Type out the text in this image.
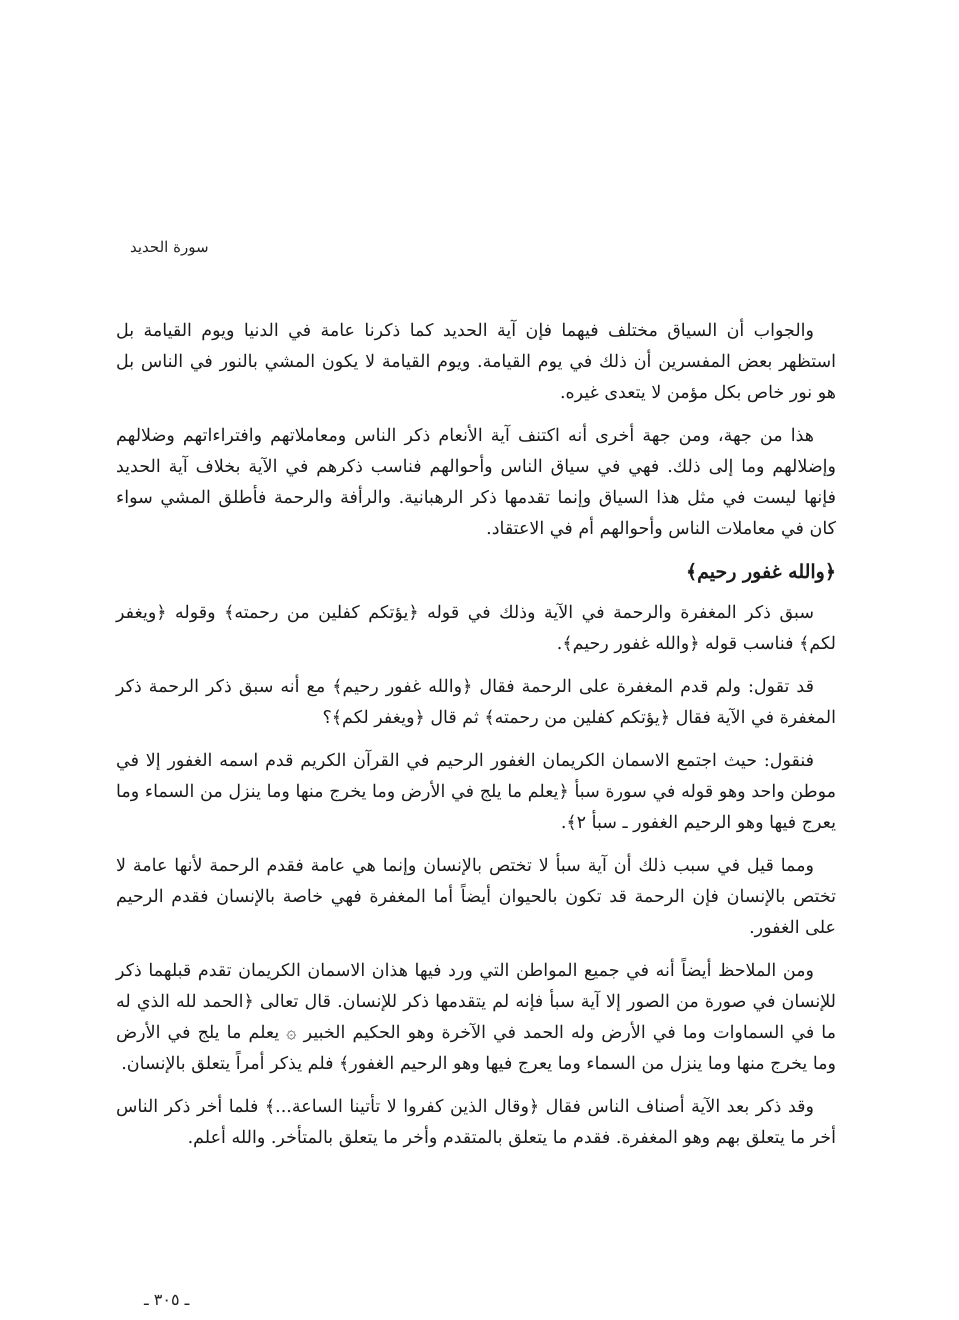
سورة الحديد

والجواب أن السياق مختلف فيهما فإن آية الحديد كما ذكرنا عامة في الدنيا ويوم القيامة بل استظهر بعض المفسرين أن ذلك في يوم القيامة. ويوم القيامة لا يكون المشي بالنور في الناس بل هو نور خاص بكل مؤمن لا يتعدى غيره.

هذا من جهة، ومن جهة أخرى أنه اكتنف آية الأنعام ذكر الناس ومعاملاتهم وافتراءاتهم وضلالهم وإضلالهم وما إلى ذلك. فهي في سياق الناس وأحوالهم فناسب ذكرهم في الآية بخلاف آية الحديد فإنها ليست في مثل هذا السياق وإنما تقدمها ذكر الرهبانية. والرأفة والرحمة فأطلق المشي سواء كان في معاملات الناس وأحوالهم أم في الاعتقاد.

﴿والله غفور رحيم﴾

سبق ذكر المغفرة والرحمة في الآية وذلك في قوله ﴿يؤتكم كفلين من رحمته﴾ وقوله ﴿ويغفر لكم﴾ فناسب قوله ﴿والله غفور رحيم﴾.

قد تقول: ولم قدم المغفرة على الرحمة فقال ﴿والله غفور رحيم﴾ مع أنه سبق ذكر الرحمة ذكر المغفرة في الآية فقال ﴿يؤتكم كفلين من رحمته﴾ ثم قال ﴿ويغفر لكم﴾؟

فنقول: حيث اجتمع الاسمان الكريمان الغفور الرحيم في القرآن الكريم قدم اسمه الغفور إلا في موطن واحد وهو قوله في سورة سبأ ﴿يعلم ما يلج في الأرض وما يخرج منها وما ينزل من السماء وما يعرج فيها وهو الرحيم الغفور ـ سبأ ٢﴾.

ومما قيل في سبب ذلك أن آية سبأ لا تختص بالإنسان وإنما هي عامة فقدم الرحمة لأنها عامة لا تختص بالإنسان فإن الرحمة قد تكون بالحيوان أيضاً أما المغفرة فهي خاصة بالإنسان فقدم الرحيم على الغفور.

ومن الملاحظ أيضاً أنه في جميع المواطن التي ورد فيها هذان الاسمان الكريمان تقدم قبلهما ذكر للإنسان في صورة من الصور إلا آية سبأ فإنه لم يتقدمها ذكر للإنسان. قال تعالى ﴿الحمد لله الذي له ما في السماوات وما في الأرض وله الحمد في الآخرة وهو الحكيم الخبير ۞ يعلم ما يلج في الأرض وما يخرج منها وما ينزل من السماء وما يعرج فيها وهو الرحيم الغفور﴾ فلم يذكر أمراً يتعلق بالإنسان.

وقد ذكر بعد الآية أصناف الناس فقال ﴿وقال الذين كفروا لا تأتينا الساعة...﴾ فلما أخر ذكر الناس أخر ما يتعلق بهم وهو المغفرة. فقدم ما يتعلق بالمتقدم وأخر ما يتعلق بالمتأخر. والله أعلم.

ـ ٣٠٥ ـ
